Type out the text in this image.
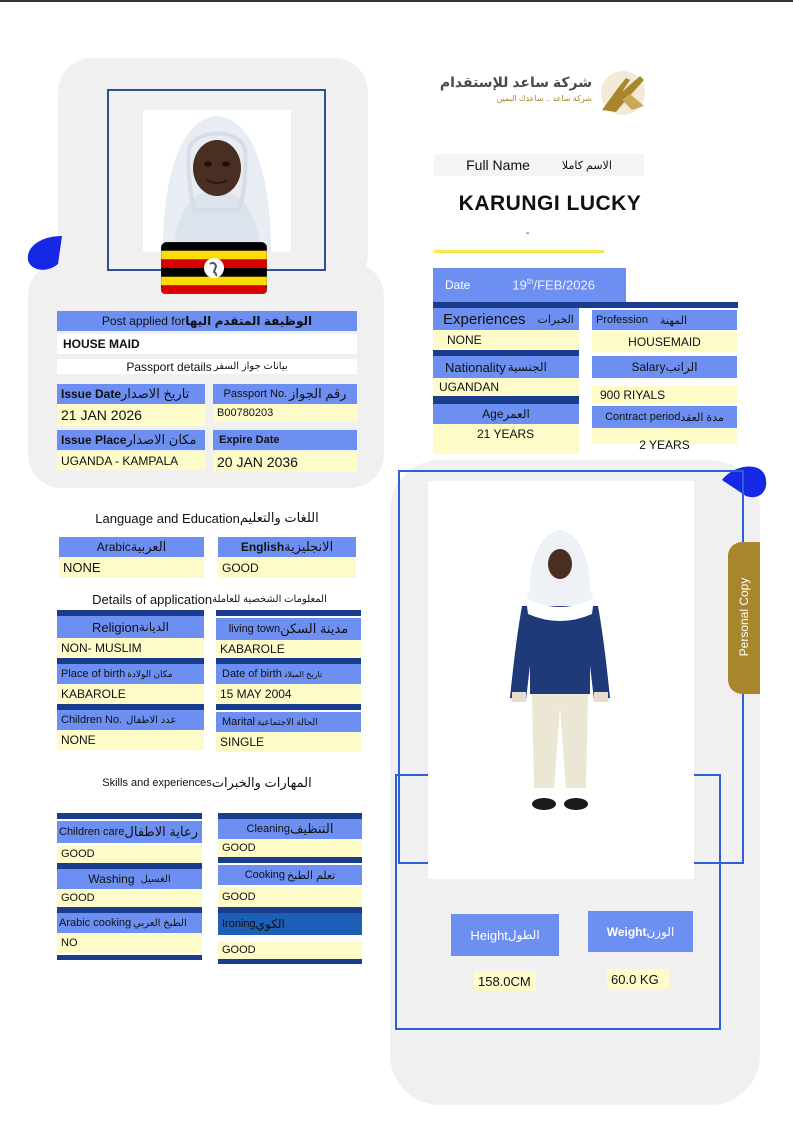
شركة ساعد للإستقدام
شركة ساعد .. ساعدك اليمين
Full Name	الاسم كاملا
KARUNGI LUCKY
-
Date	19th/FEB/2026
Experiences الخبرات
NONE
Profession المهنة
HOUSEMAID
Nationality الجنسية
UGANDAN
Salary الراتب
900 RIYALS
Age العمر
21 YEARS
Contract period مدة العقد
2 YEARS
Post applied for الوظيفة المتقدم اليها
HOUSE MAID
Passport details بيانات جواز السفر
Issue Date تاريخ الاصدار
21 JAN 2026
Passport No. رقم الجواز
B00780203
Issue Place مكان الاصدار
UGANDA - KAMPALA
Expire Date
20 JAN 2036
Language and Education اللغات والتعليم
Arabic العربية
NONE
English الانجليزية
GOOD
Details of application المعلومات الشخصية للعاملة
Religion الديانة
NON- MUSLIM
living town مدينة السكن
KABAROLE
Place of birth مكان الولادة
KABAROLE
Date of birth تاريخ الميلاد
15 MAY 2004
Children No. عدد الاطفال
NONE
Marital الحالة الاجتماعية
SINGLE
Skills and experiences المهارات والخبرات
Children care رعاية الاطفال
GOOD
Cleaning التنظيف
GOOD
Washing الغسيل
GOOD
Cooking تعلم الطبخ
GOOD
Arabic cooking الطبخ العربي
NO
Ironing الكوي
GOOD
Personal Copy
Height الطول	Weight الوزن
158.0CM	60.0 KG
